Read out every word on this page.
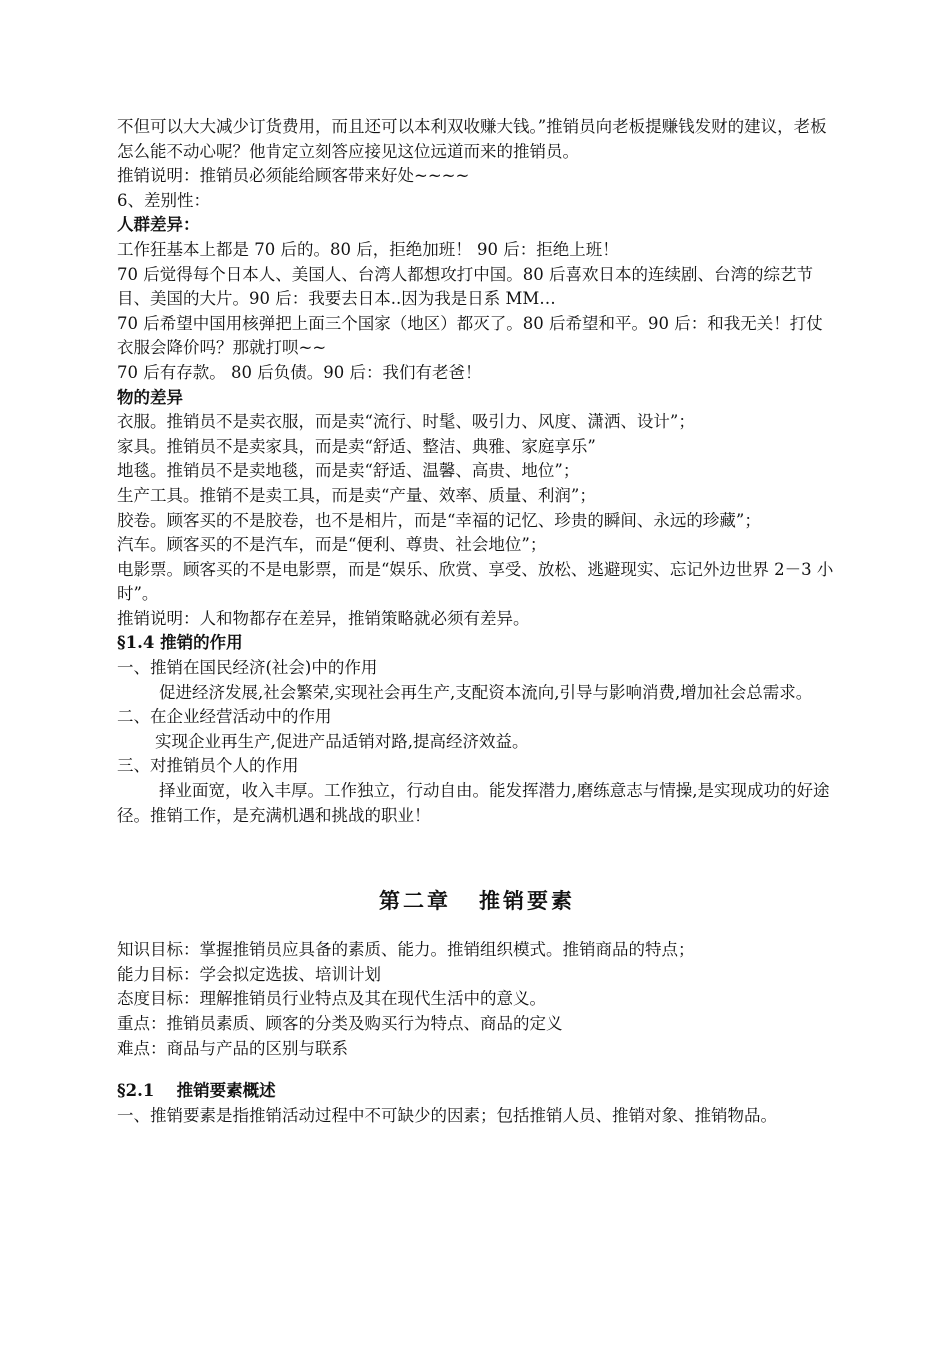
不但可以大大减少订货费用，而且还可以本利双收赚大钱。”推销员向老板提赚钱发财的建议，老板怎么能不动心呢？他肯定立刻答应接见这位远道而来的推销员。

推销说明：推销员必须能给顾客带来好处~~~~

6、差别性：

人群差异：

工作狂基本上都是 70 后的。80 后，拒绝加班！ 90 后：拒绝上班！

70 后觉得每个日本人、美国人、台湾人都想攻打中国。80 后喜欢日本的连续剧、台湾的综艺节目、美国的大片。90 后：我要去日本..因为我是日系 MM…

70 后希望中国用核弹把上面三个国家（地区）都灭了。80 后希望和平。90 后：和我无关！打仗衣服会降价吗？那就打呗~~

70 后有存款。 80 后负债。90 后：我们有老爸！

物的差异

衣服。推销员不是卖衣服，而是卖“流行、时髦、吸引力、风度、潇洒、设计”；

家具。推销员不是卖家具，而是卖“舒适、整洁、典雅、家庭享乐”

地毯。推销员不是卖地毯，而是卖“舒适、温馨、高贵、地位”；

生产工具。推销不是卖工具，而是卖“产量、效率、质量、利润”；

胶卷。顾客买的不是胶卷，也不是相片，而是“幸福的记忆、珍贵的瞬间、永远的珍藏”；

汽车。顾客买的不是汽车，而是“便利、尊贵、社会地位”；

电影票。顾客买的不是电影票，而是“娱乐、欣赏、享受、放松、逃避现实、忘记外边世界 2－3 小时”。

推销说明：人和物都存在差异，推销策略就必须有差异。

§1.4 推销的作用

一、推销在国民经济(社会)中的作用

促进经济发展,社会繁荣,实现社会再生产,支配资本流向,引导与影响消费,增加社会总需求。

二、在企业经营活动中的作用

实现企业再生产,促进产品适销对路,提高经济效益。

三、对推销员个人的作用

择业面宽，收入丰厚。工作独立，行动自由。能发挥潜力,磨练意志与情操,是实现成功的好途径。推销工作，是充满机遇和挑战的职业！

第二章 推销要素

知识目标：掌握推销员应具备的素质、能力。推销组织模式。推销商品的特点；

能力目标：学会拟定选拔、培训计划

态度目标：理解推销员行业特点及其在现代生活中的意义。

重点：推销员素质、顾客的分类及购买行为特点、商品的定义

难点：商品与产品的区别与联系

§2.1　 推销要素概述

一、推销要素是指推销活动过程中不可缺少的因素；包括推销人员、推销对象、推销物品。
